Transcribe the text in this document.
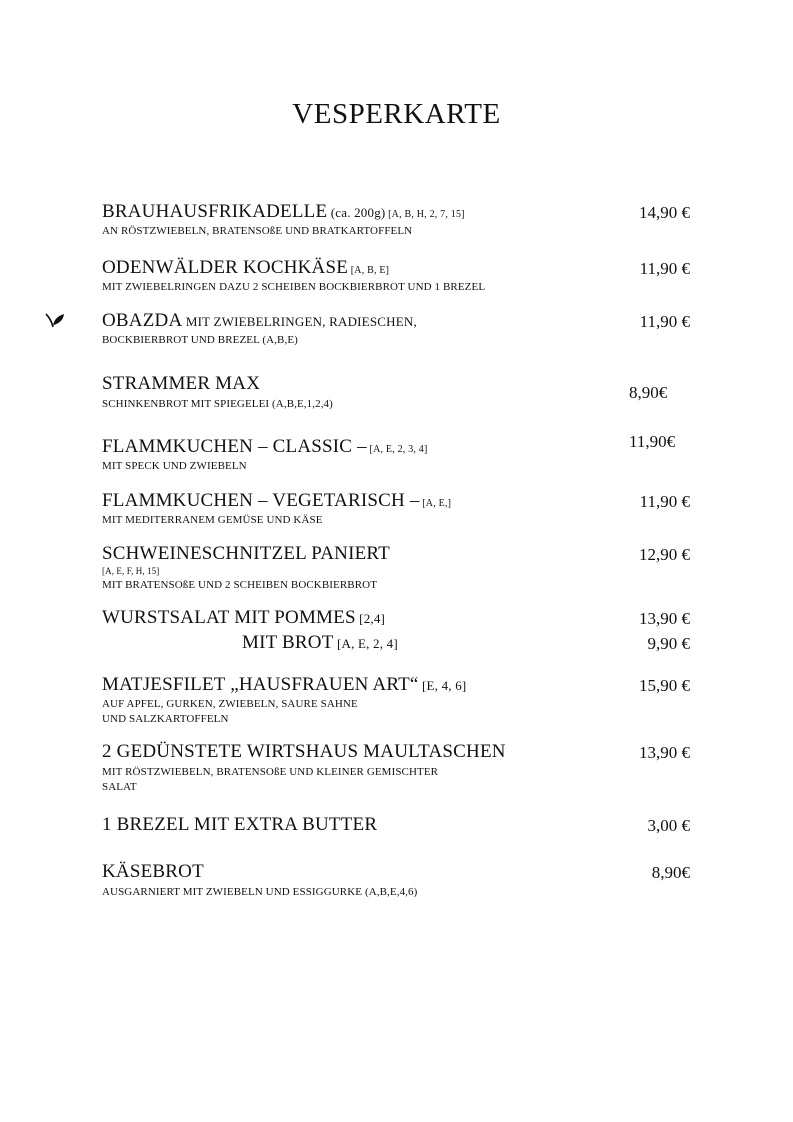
VESPERKARTE
BRAUHAUSFRIKADELLE (ca. 200g) [A, B, H, 2, 7, 15]
AN RÖSTZWIEBELN, BRATENSOßE UND BRATKARTOFFELN
14,90 €
ODENWÄLDER KOCHKÄSE [A, B, E]
MIT ZWIEBELRINGEN DAZU 2 SCHEIBEN BOCKBIERBROT UND 1 BREZEL
11,90 €
OBAZDA MIT ZWIEBELRINGEN, RADIESCHEN,
BOCKBIERBROT UND BREZEL (A,B,E)
11,90 €
STRAMMER MAX
SCHINKENBROT MIT SPIEGELEI (A,B,E,1,2,4)
8,90€
FLAMMKUCHEN – CLASSIC – [A, E, 2, 3, 4]
MIT SPECK UND ZWIEBELN
11,90€
FLAMMKUCHEN – VEGETARISCH – [A, E,]
MIT MEDITERRANEM GEMÜSE UND KÄSE
11,90 €
SCHWEINESCHNITZEL PANIERT
[A, E, F, H, 15]
MIT BRATENSOßE UND 2 SCHEIBEN BOCKBIERBROT
12,90 €
WURSTSALAT MIT POMMES [2,4]	13,90 €
MIT BROT [A, E, 2, 4]	9,90 €
MATJESFILET „HAUSFRAUEN ART“ [E, 4, 6]
AUF APFEL, GURKEN, ZWIEBELN, SAURE SAHNE
UND SALZKARTOFFELN
15,90 €
2 GEDÜNSTETE WIRTSHAUS MAULTASCHEN
MIT RÖSTZWIEBELN, BRATENSOßE UND KLEINER GEMISCHTER
SALAT
13,90 €
1 BREZEL MIT EXTRA BUTTER	3,00 €
KÄSEBROT
AUSGARNIERT MIT ZWIEBELN UND ESSIGGURKE (A,B,E,4,6)
8,90€
